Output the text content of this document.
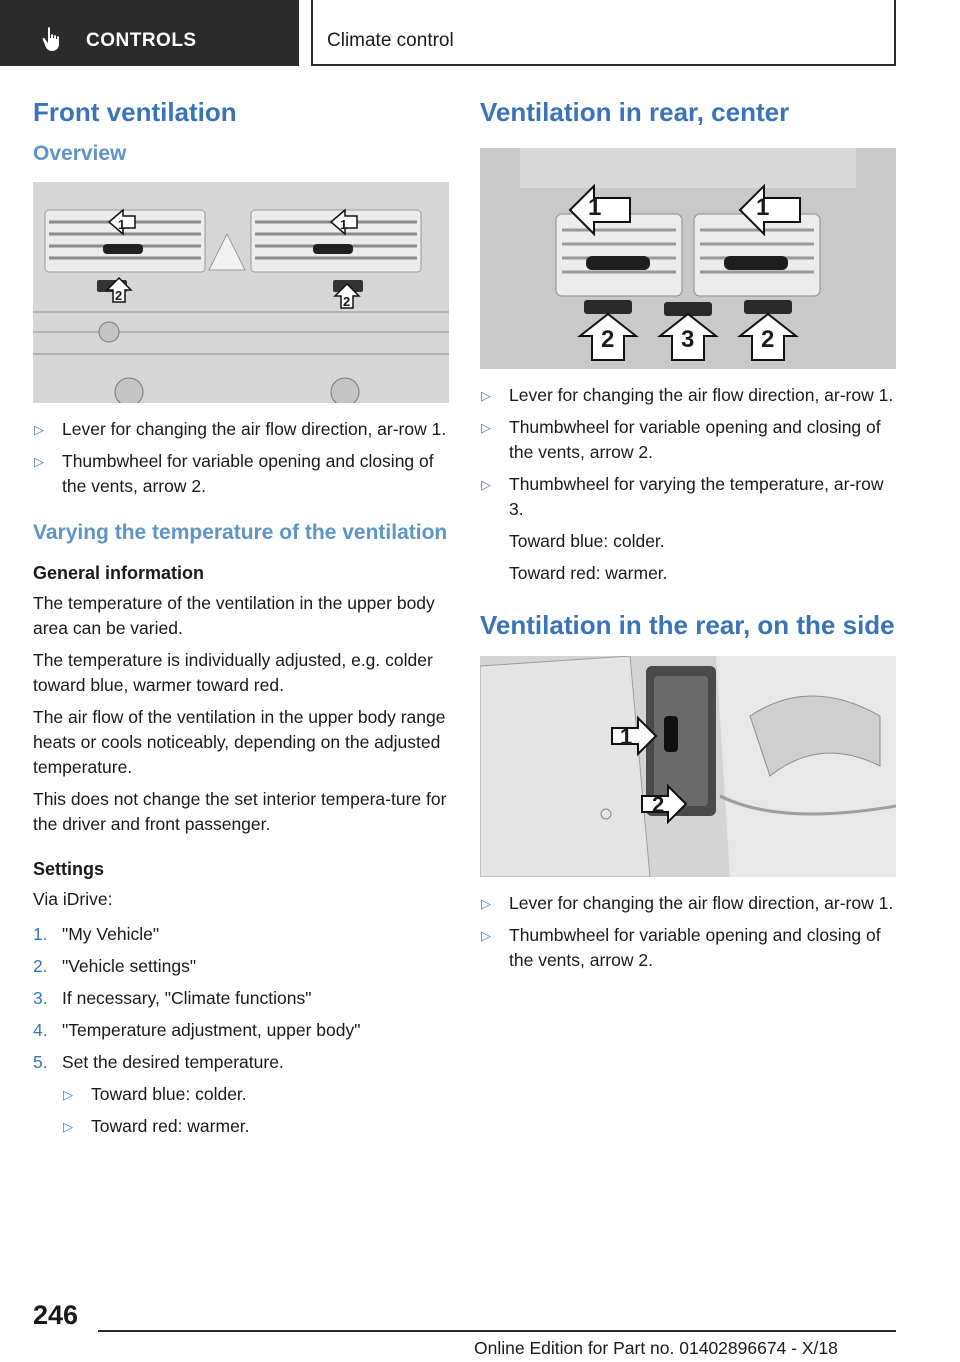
CONTROLS	Climate control
Front ventilation
Overview
1	1
2	2
▷ Lever for changing the air flow direction, ar-row 1.
▷ Thumbwheel for variable opening and closing of the vents, arrow 2.
Varying the temperature of the ventilation
General information

The temperature of the ventilation in the upper body area can be varied.

The temperature is individually adjusted, e.g. colder toward blue, warmer toward red.

The air flow of the ventilation in the upper body range heats or cools noticeably, depending on the adjusted temperature.

This does not change the set interior tempera-ture for the driver and front passenger.

Settings

Via iDrive:

1. "My Vehicle"
2. "Vehicle settings"
3. If necessary, "Climate functions"
4. "Temperature adjustment, upper body"
5. Set the desired temperature.
▷ Toward blue: colder.
▷ Toward red: warmer.
Ventilation in rear, center
1	1
2	3	2
▷ Lever for changing the air flow direction, ar-row 1.
▷ Thumbwheel for variable opening and closing of the vents, arrow 2.
▷ Thumbwheel for varying the temperature, ar-row 3.

Toward blue: colder.

Toward red: warmer.

Ventilation in the rear, on the side
1
2
▷ Lever for changing the air flow direction, ar-row 1.
▷ Thumbwheel for variable opening and closing of the vents, arrow 2.
246
Online Edition for Part no. 01402896674 - X/18
